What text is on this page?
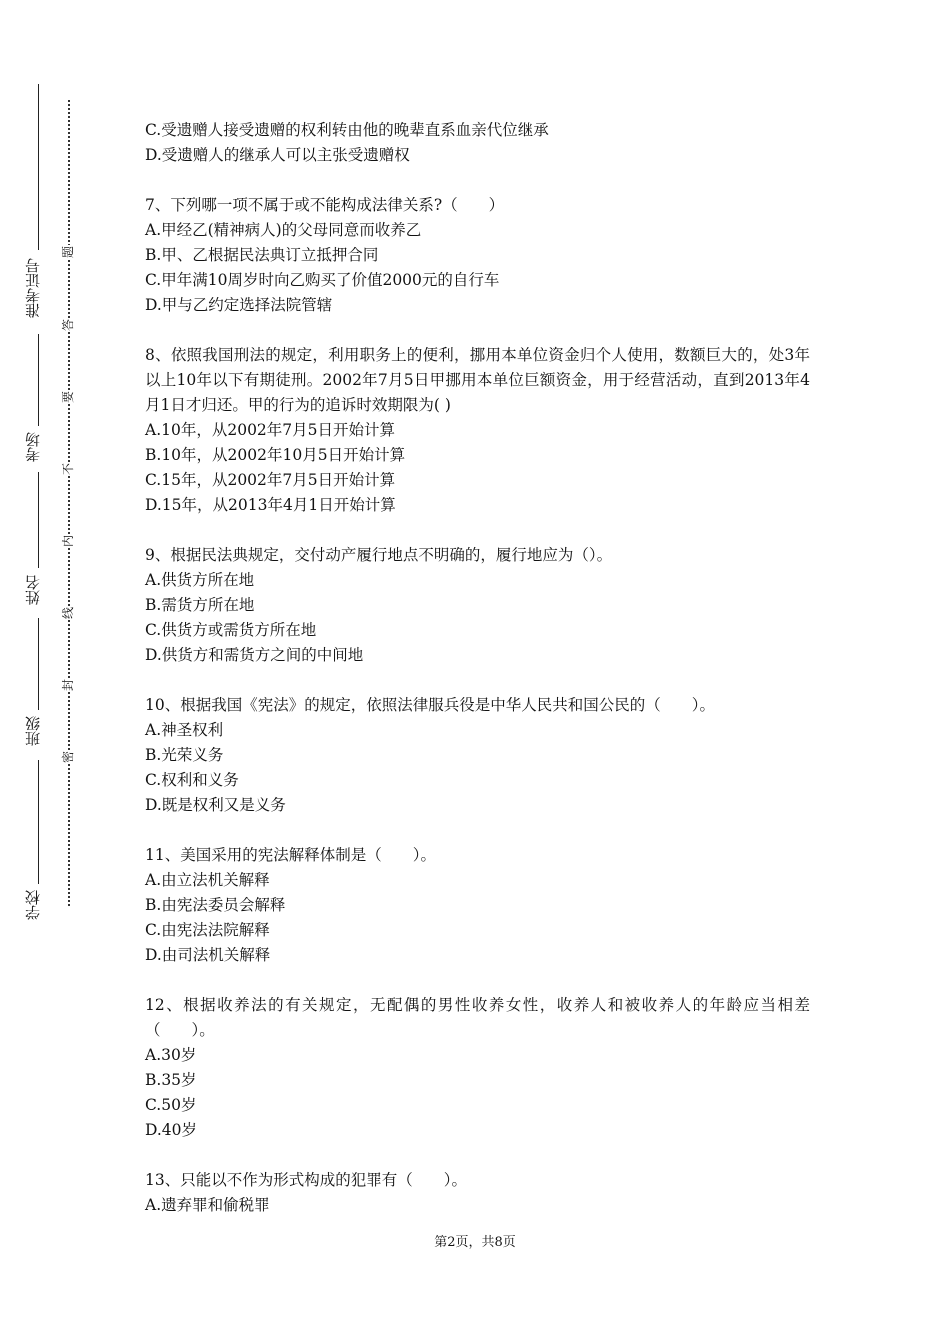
准考证号
考场
姓名
班级
学校
题
答
要
不
内
线
封
密
C.受遗赠人接受遗赠的权利转由他的晚辈直系血亲代位继承
D.受遗赠人的继承人可以主张受遗赠权
7、下列哪一项不属于或不能构成法律关系?（　　）
A.甲经乙(精神病人)的父母同意而收养乙
B.甲、乙根据民法典订立抵押合同
C.甲年满10周岁时向乙购买了价值2000元的自行车
D.甲与乙约定选择法院管辖
8、依照我国刑法的规定，利用职务上的便利，挪用本单位资金归个人使用，数额巨大的，处3年以上10年以下有期徒刑。2002年7月5日甲挪用本单位巨额资金，用于经营活动，直到2013年4月1日才归还。甲的行为的追诉时效期限为( )
A.10年，从2002年7月5日开始计算
B.10年，从2002年10月5日开始计算
C.15年，从2002年7月5日开始计算
D.15年，从2013年4月1日开始计算
9、根据民法典规定，交付动产履行地点不明确的，履行地应为（）。
A.供货方所在地
B.需货方所在地
C.供货方或需货方所在地
D.供货方和需货方之间的中间地
10、根据我国《宪法》的规定，依照法律服兵役是中华人民共和国公民的（　　）。
A.神圣权利
B.光荣义务
C.权利和义务
D.既是权利又是义务
11、美国采用的宪法解释体制是（　　）。
A.由立法机关解释
B.由宪法委员会解释
C.由宪法法院解释
D.由司法机关解释
12、根据收养法的有关规定，无配偶的男性收养女性，收养人和被收养人的年龄应当相差（　　）。
A.30岁
B.35岁
C.50岁
D.40岁
13、只能以不作为形式构成的犯罪有（　　）。
A.遗弃罪和偷税罪
第2页，共8页
